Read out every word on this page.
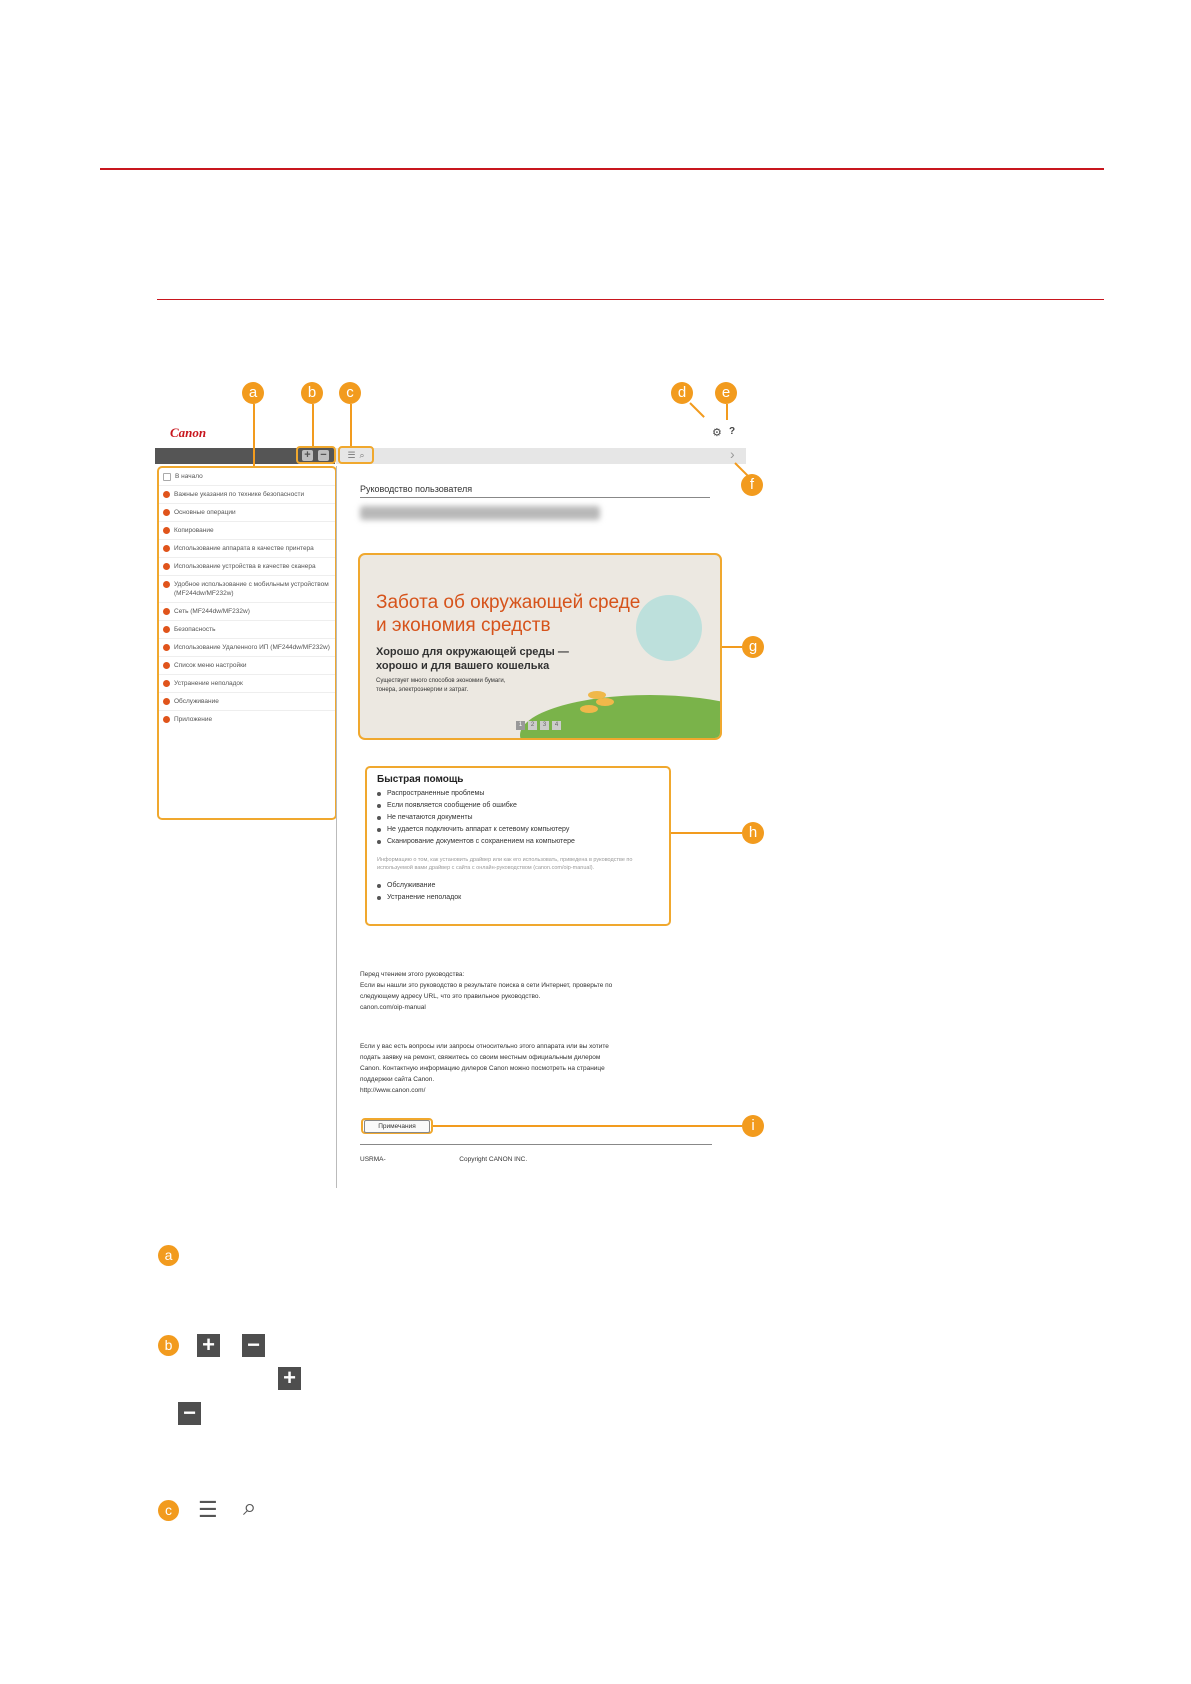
Canon
+ − ☰ ⌕
⚙ ?
›
В начало
Важные указания по технике безопасности
Основные операции
Копирование
Использование аппарата в качестве принтера
Использование устройства в качестве сканера
Удобное использование с мобильным устройством (MF244dw/MF232w)
Сеть (MF244dw/MF232w)
Безопасность
Использование Удаленного ИП (MF244dw/MF232w)
Список меню настройки
Устранение неполадок
Обслуживание
Приложение
Руководство пользователя
Забота об окружающей среде
и экономия средств
Хорошо для окружающей среды —
хорошо и для вашего кошелька
Существует много способов экономии бумаги,
тонера, электроэнергии и затрат.
1	2	3	4
Быстрая помощь
Распространенные проблемы
Если появляется сообщение об ошибке
Не печатаются документы
Не удается подключить аппарат к сетевому компьютеру
Сканирование документов с сохранением на компьютере
Информацию о том, как установить драйвер или как его использовать, приведена в руководстве по используемой вами драйвер с сайта с онлайн-руководством (canon.com/oip-manual).
Обслуживание
Устранение неполадок
Перед чтением этого руководства:
Если вы нашли это руководство в результате поиска в сети Интернет, проверьте по
следующему адресу URL, что это правильное руководство.
canon.com/oip-manual
Если у вас есть вопросы или запросы относительно этого аппарата или вы хотите
подать заявку на ремонт, свяжитесь со своим местным официальным дилером
Canon. Контактную информацию дилеров Canon можно посмотреть на странице
поддержки сайта Canon.
http://www.canon.com/
Примечания
USRMA-	Copyright CANON INC.
a	b	c	d	e
f
g
h
i
a
b	+ −
+
−
c	☰ ⌕
